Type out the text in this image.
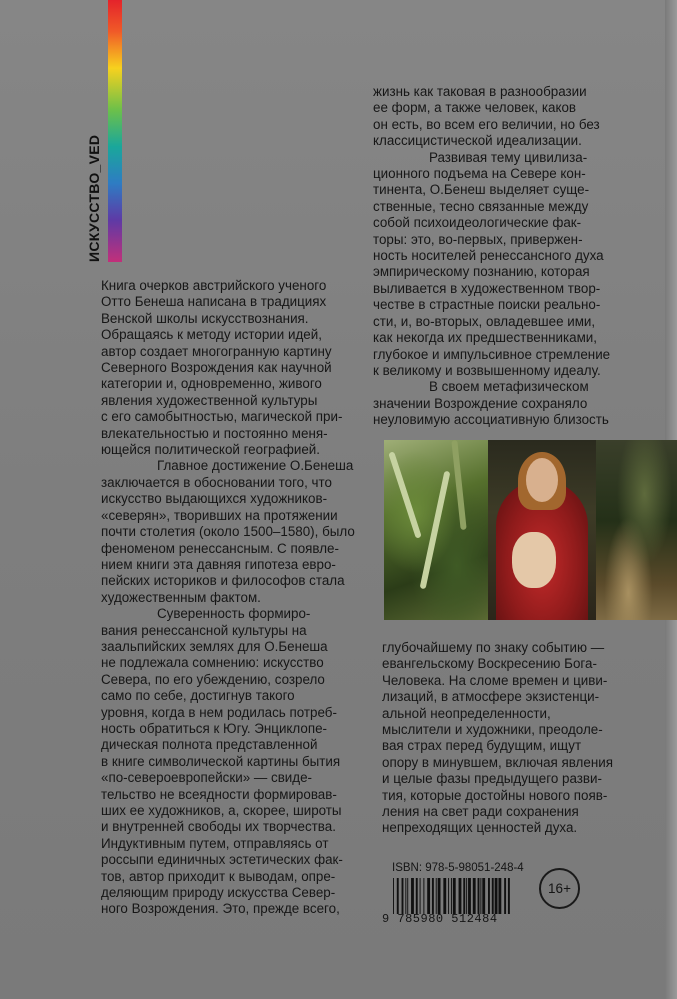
ИСКУССТВО_VED

Книга очерков австрийского ученого
Отто Бенеша написана в традициях
Венской школы искусствознания.
Обращаясь к методу истории идей,
автор создает многогранную картину
Северного Возрождения как научной
категории и, одновременно, живого
явления художественной культуры
с его самобытностью, магической при-
влекательностью и постоянно меня-
ющейся политической географией.

Главное достижение О.Бенеша
заключается в обосновании того, что
искусство выдающихся художников-
«северян», творивших на протяжении
почти столетия (около 1500–1580), было
феноменом ренессансным. С появле-
нием книги эта давняя гипотеза евро-
пейских историков и философов стала
художественным фактом.

Суверенность формиро-
вания ренессансной культуры на
заальпийских землях для О.Бенеша
не подлежала сомнению: искусство
Севера, по его убеждению, созрело
само по себе, достигнув такого
уровня, когда в нем родилась потреб-
ность обратиться к Югу. Энциклопе-
дическая полнота представленной
в книге символической картины бытия
«по-североевропейски» — свиде-
тельство не всеядности формировав-
ших ее художников, а, скорее, широты
и внутренней свободы их творчества.
Индуктивным путем, отправляясь от
россыпи единичных эстетических фак-
тов, автор приходит к выводам, опре-
деляющим природу искусства Север-
ного Возрождения. Это, прежде всего,

жизнь как таковая в разнообразии
ее форм, а также человек, каков
он есть, во всем его величии, но без
классицистической идеализации.

Развивая тему цивилиза-
ционного подъема на Севере кон-
тинента, О.Бенеш выделяет суще-
ственные, тесно связанные между
собой психоидеологические фак-
торы: это, во-первых, привержен-
ность носителей ренессансного духа
эмпирическому познанию, которая
выливается в художественном твор-
честве в страстные поиски реально-
сти, и, во-вторых, овладевшее ими,
как некогда их предшественниками,
глубокое и импульсивное стремление
к великому и возвышенному идеалу.

В своем метафизическом
значении Возрождение сохраняло
неуловимую ассоциативную близость

глубочайшему по знаку событию —
евангельскому Воскресению Бога-
Человека. На сломе времен и циви-
лизаций, в атмосфере экзистенци-
альной неопределенности,
мыслители и художники, преодоле-
вая страх перед будущим, ищут
опору в минувшем, включая явления
и целые фазы предыдущего разви-
тия, которые достойны нового появ-
ления на свет ради сохранения
непреходящих ценностей духа.

ISBN: 978-5-98051-248-4
9 785980 512484
16+
